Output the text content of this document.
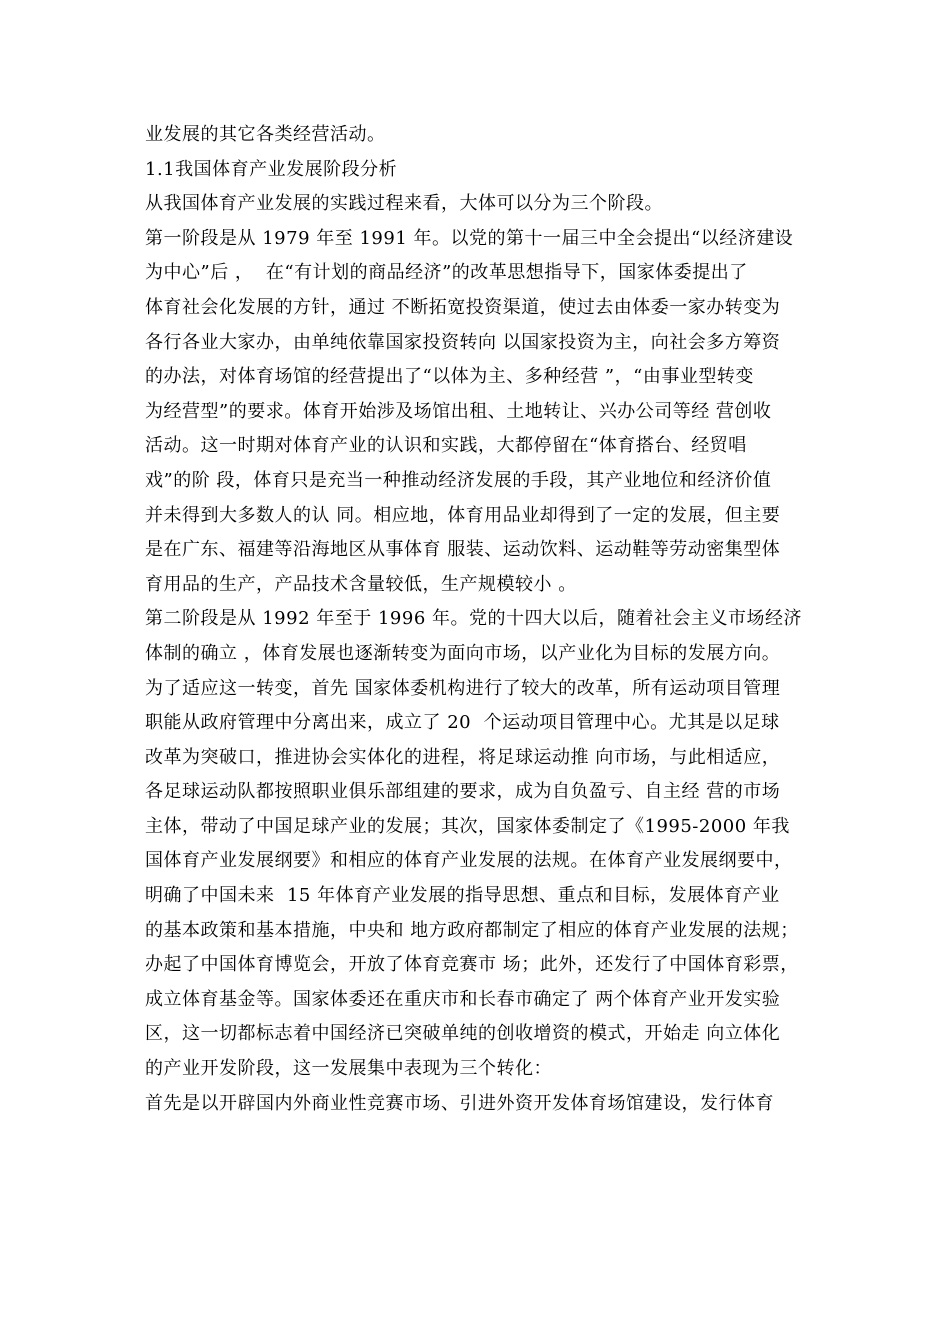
业发展的其它各类经营活动。
1.1我国体育产业发展阶段分析
从我国体育产业发展的实践过程来看，大体可以分为三个阶段。
第一阶段是从 1979 年至 1991 年。以党的第十一届三中全会提出“以经济建设
为中心”后 ，  在“有计划的商品经济”的改革思想指导下，国家体委提出了
体育社会化发展的方针，通过 不断拓宽投资渠道，使过去由体委一家办转变为
各行各业大家办，由单纯依靠国家投资转向 以国家投资为主，向社会多方筹资
的办法，对体育场馆的经营提出了“以体为主、多种经营 ”，“由事业型转变
为经营型”的要求。体育开始涉及场馆出租、土地转让、兴办公司等经 营创收
活动。这一时期对体育产业的认识和实践，大都停留在“体育搭台、经贸唱
戏”的阶 段，体育只是充当一种推动经济发展的手段，其产业地位和经济价值
并未得到大多数人的认 同。相应地，体育用品业却得到了一定的发展，但主要
是在广东、福建等沿海地区从事体育 服装、运动饮料、运动鞋等劳动密集型体
育用品的生产，产品技术含量较低，生产规模较小 。
第二阶段是从 1992 年至于 1996 年。党的十四大以后，随着社会主义市场经济
体制的确立 ，体育发展也逐渐转变为面向市场，以产业化为目标的发展方向。
为了适应这一转变，首先 国家体委机构进行了较大的改革，所有运动项目管理
职能从政府管理中分离出来，成立了 20  个运动项目管理中心。尤其是以足球
改革为突破口，推进协会实体化的进程，将足球运动推 向市场，与此相适应，
各足球运动队都按照职业俱乐部组建的要求，成为自负盈亏、自主经 营的市场
主体，带动了中国足球产业的发展；其次，国家体委制定了《1995-2000 年我
国体育产业发展纲要》和相应的体育产业发展的法规。在体育产业发展纲要中，
明确了中国未来  15 年体育产业发展的指导思想、重点和目标，发展体育产业
的基本政策和基本措施，中央和 地方政府都制定了相应的体育产业发展的法规；
办起了中国体育博览会，开放了体育竞赛市 场；此外，还发行了中国体育彩票，
成立体育基金等。国家体委还在重庆市和长春市确定了 两个体育产业开发实验
区，这一切都标志着中国经济已突破单纯的创收增资的模式，开始走 向立体化
的产业开发阶段，这一发展集中表现为三个转化：
首先是以开辟国内外商业性竞赛市场、引进外资开发体育场馆建设，发行体育
